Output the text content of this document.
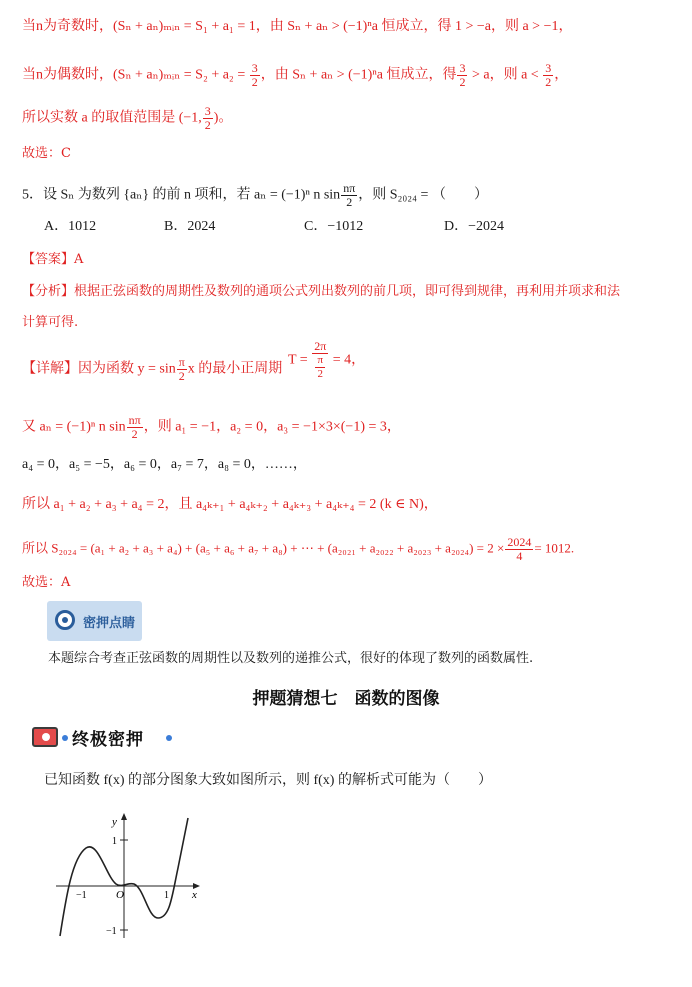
当n为奇数时，(Sₙ + aₙ)ₘᵢₙ = S₁ + a₁ = 1，由 Sₙ + aₙ > (−1)ⁿa 恒成立，得 1 > −a，则 a > −1，
当n为偶数时，(Sₙ + aₙ)ₘᵢₙ = $S_2 + a_2 = \frac{3}{2}$ ，由 Sₙ + aₙ > (−1)ⁿa 恒成立，得 $\frac{3}{2} > a$，则 $a < \frac{3}{2}$ ，
所以实数 a 的取值范围是 (−1, $\frac{3}{2}$ )。
故选：C
5．设 Sₙ 为数列 {aₙ} 的前 n 项和，若 aₙ = (−1)ⁿ n $\sin \frac{n\pi}{2}$ ，则 S₂₀₂₄ = （　　）
A．1012	B．2024	C．−1012	D．−2024
【答案】A
【分析】根据正弦函数的周期性及数列的通项公式列出数列的前几项，即可得到规律，再利用并项求和法
计算可得.
【详解】因为函数 $y = \sin \frac{\pi}{2}$ x 的最小正周期
$T = \frac{2\pi}{\frac{\pi}{2}} = 4$，
又 aₙ = (−1)ⁿ n $\sin \frac{n\pi}{2}$ ，则 a₁ = −1，a₂ = 0，a₃ = −1×3×(−1) = 3，
a₄ = 0，a₅ = −5，a₆ = 0，a₇ = 7，a₈ = 0，……，
所以 a₁ + a₂ + a₃ + a₄ = 2，且 a₄ₖ₊₁ + a₄ₖ₊₂ + a₄ₖ₊₃ + a₄ₖ₊₄ = 2 (k ∈ N)，
所以 S₂₀₂₄ = (a₁ + a₂ + a₃ + a₄) + (a₅ + a₆ + a₇ + a₈) + ⋯ + $(a_{2021} + a_{2022} + a_{2023} + a_{2024}) = 2 \times \frac{2024}{4} = 1012$.
故选：A
密押点睛
本题综合考查正弦函数的周期性以及数列的递推公式，很好的体现了数列的函数属性.
押题猜想七　函数的图像
终极密押
已知函数 f(x) 的部分图象大致如图所示，则 f(x) 的解析式可能为（　　）
y
x
O	1
−1
1
−1
